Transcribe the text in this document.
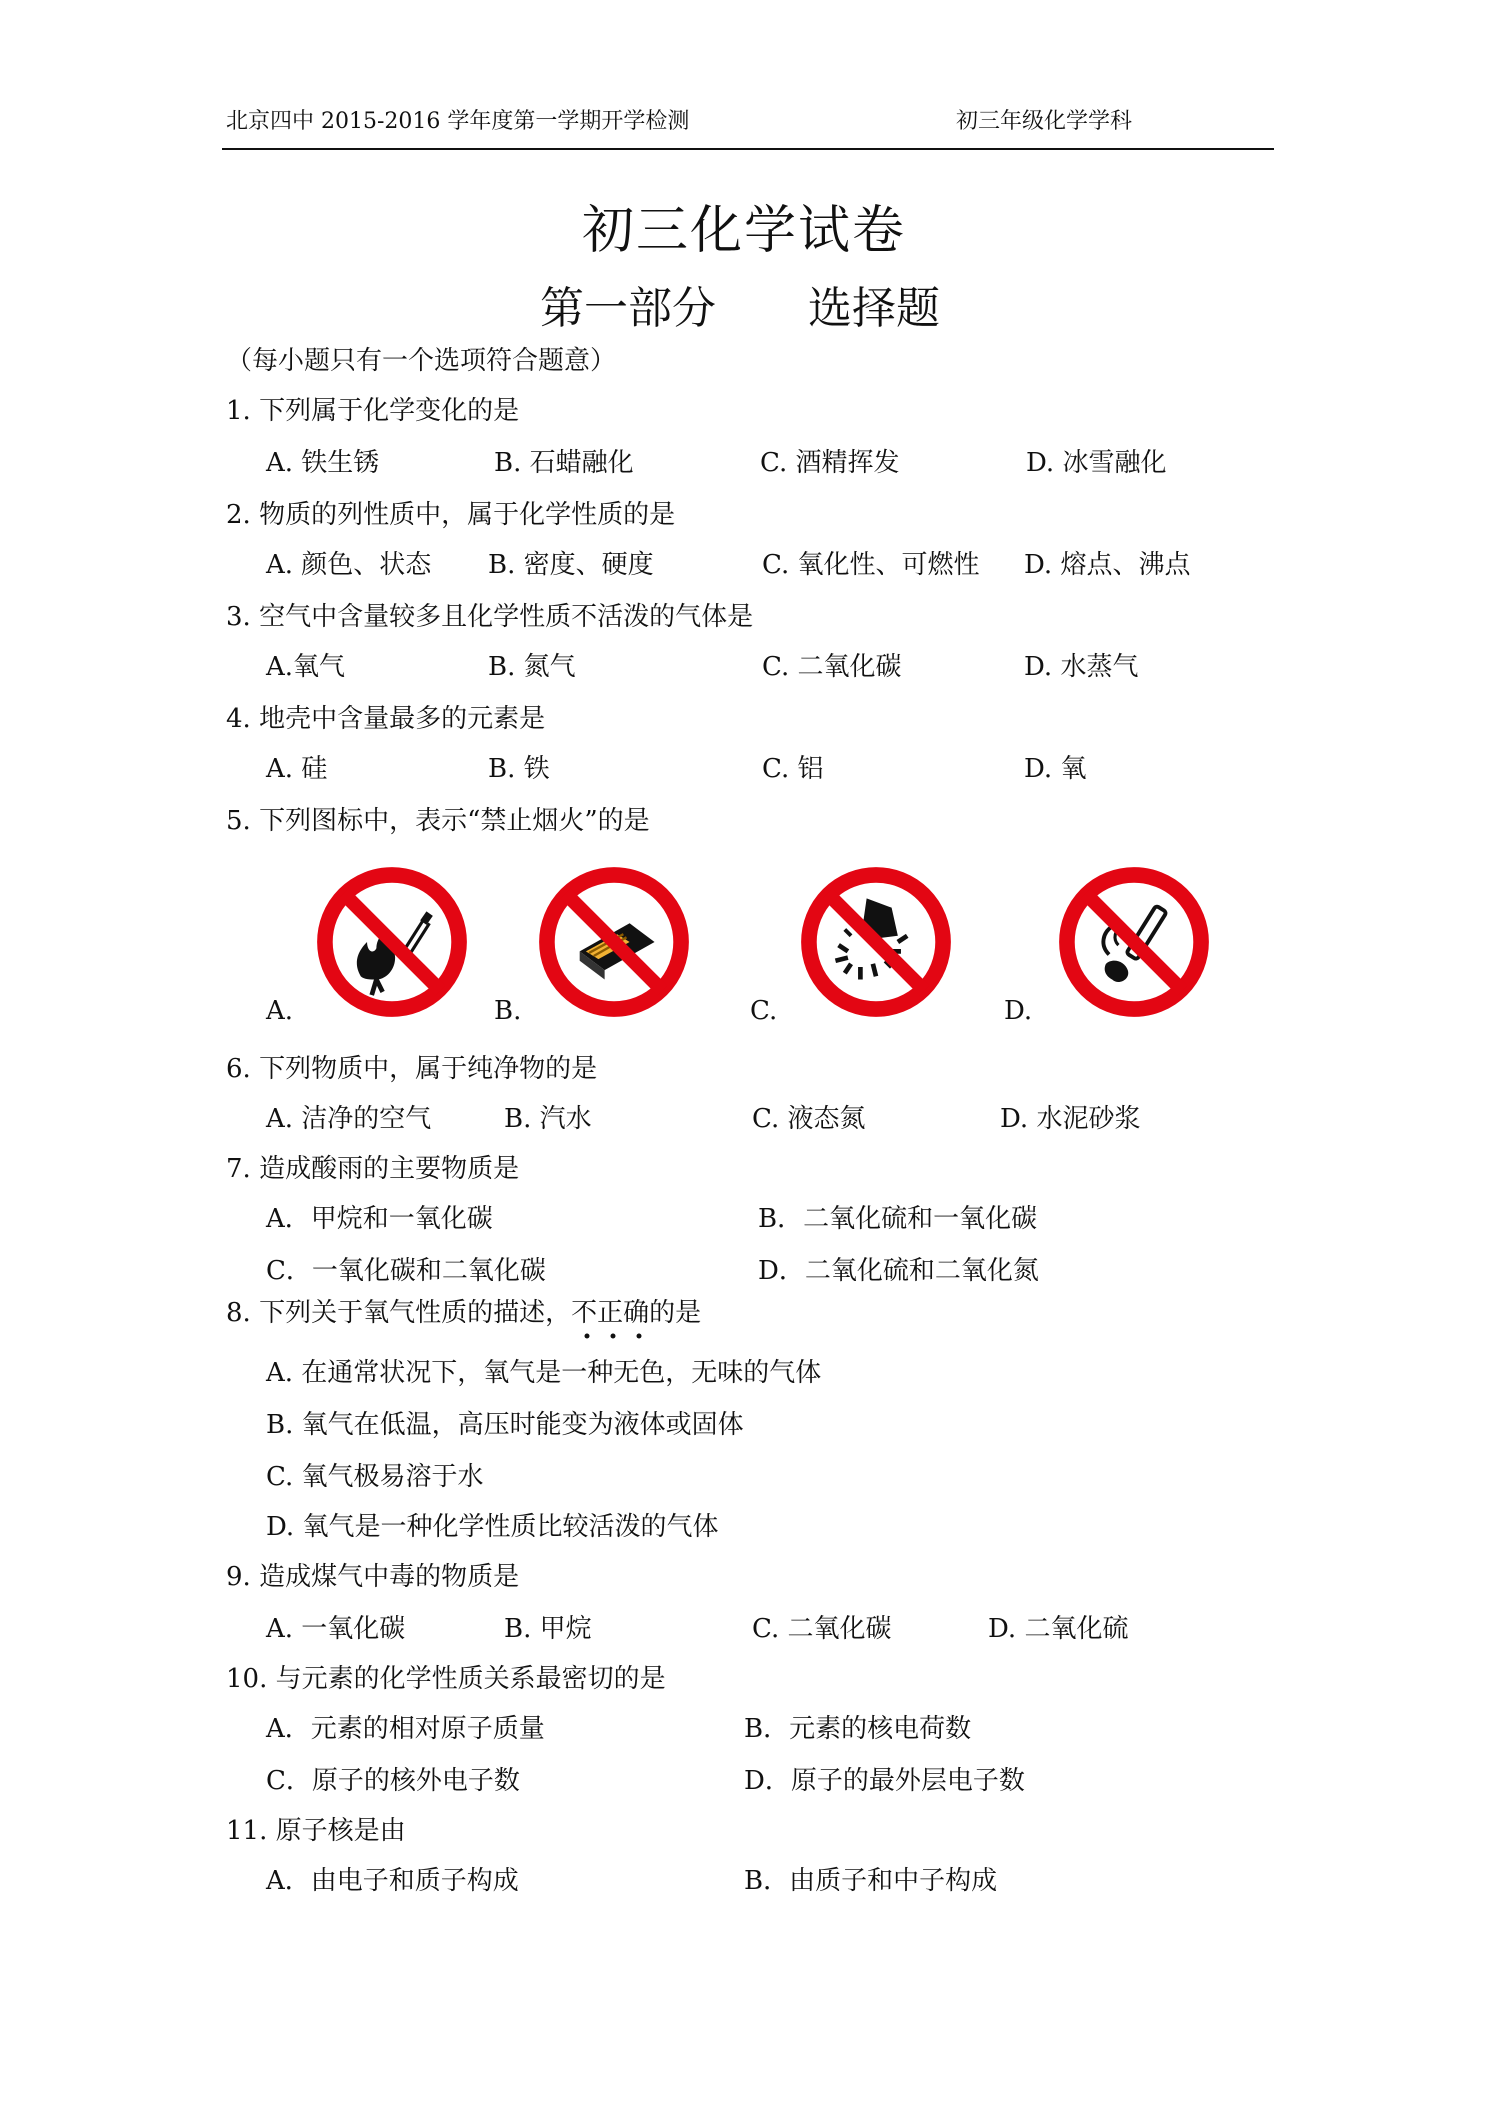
北京四中 2015-2016 学年度第一学期开学检测	初三年级化学学科
初三化学试卷
第一部分 选择题
（每小题只有一个选项符合题意）
1. 下列属于化学变化的是
A. 铁生锈	B. 石蜡融化	C. 酒精挥发	D. 冰雪融化
2. 物质的列性质中，属于化学性质的是
A. 颜色、状态 B. 密度、硬度	C. 氧化性、可燃性 D. 熔点、沸点
3. 空气中含量较多且化学性质不活泼的气体是
A.氧气	B. 氮气	C. 二氧化碳	D. 水蒸气
4. 地壳中含量最多的元素是
A. 硅	B. 铁	C. 铝	D. 氧
5. 下列图标中，表示“禁止烟火”的是
A.	B.	C.	D.
6. 下列物质中，属于纯净物的是
A. 洁净的空气	B. 汽水	C. 液态氮	D. 水泥砂浆
7. 造成酸雨的主要物质是
A．甲烷和一氧化碳	B．二氧化硫和一氧化碳
C．一氧化碳和二氧化碳	D．二氧化硫和二氧化氮
8. 下列关于氧气性质的描述，不正确的是
A. 在通常状况下，氧气是一种无色，无味的气体
B. 氧气在低温，高压时能变为液体或固体
C. 氧气极易溶于水
D. 氧气是一种化学性质比较活泼的气体
9. 造成煤气中毒的物质是
A. 一氧化碳	B. 甲烷	C. 二氧化碳	D. 二氧化硫
10. 与元素的化学性质关系最密切的是
A．元素的相对原子质量	B．元素的核电荷数
C．原子的核外电子数	D．原子的最外层电子数
11. 原子核是由
A．由电子和质子构成	B．由质子和中子构成
